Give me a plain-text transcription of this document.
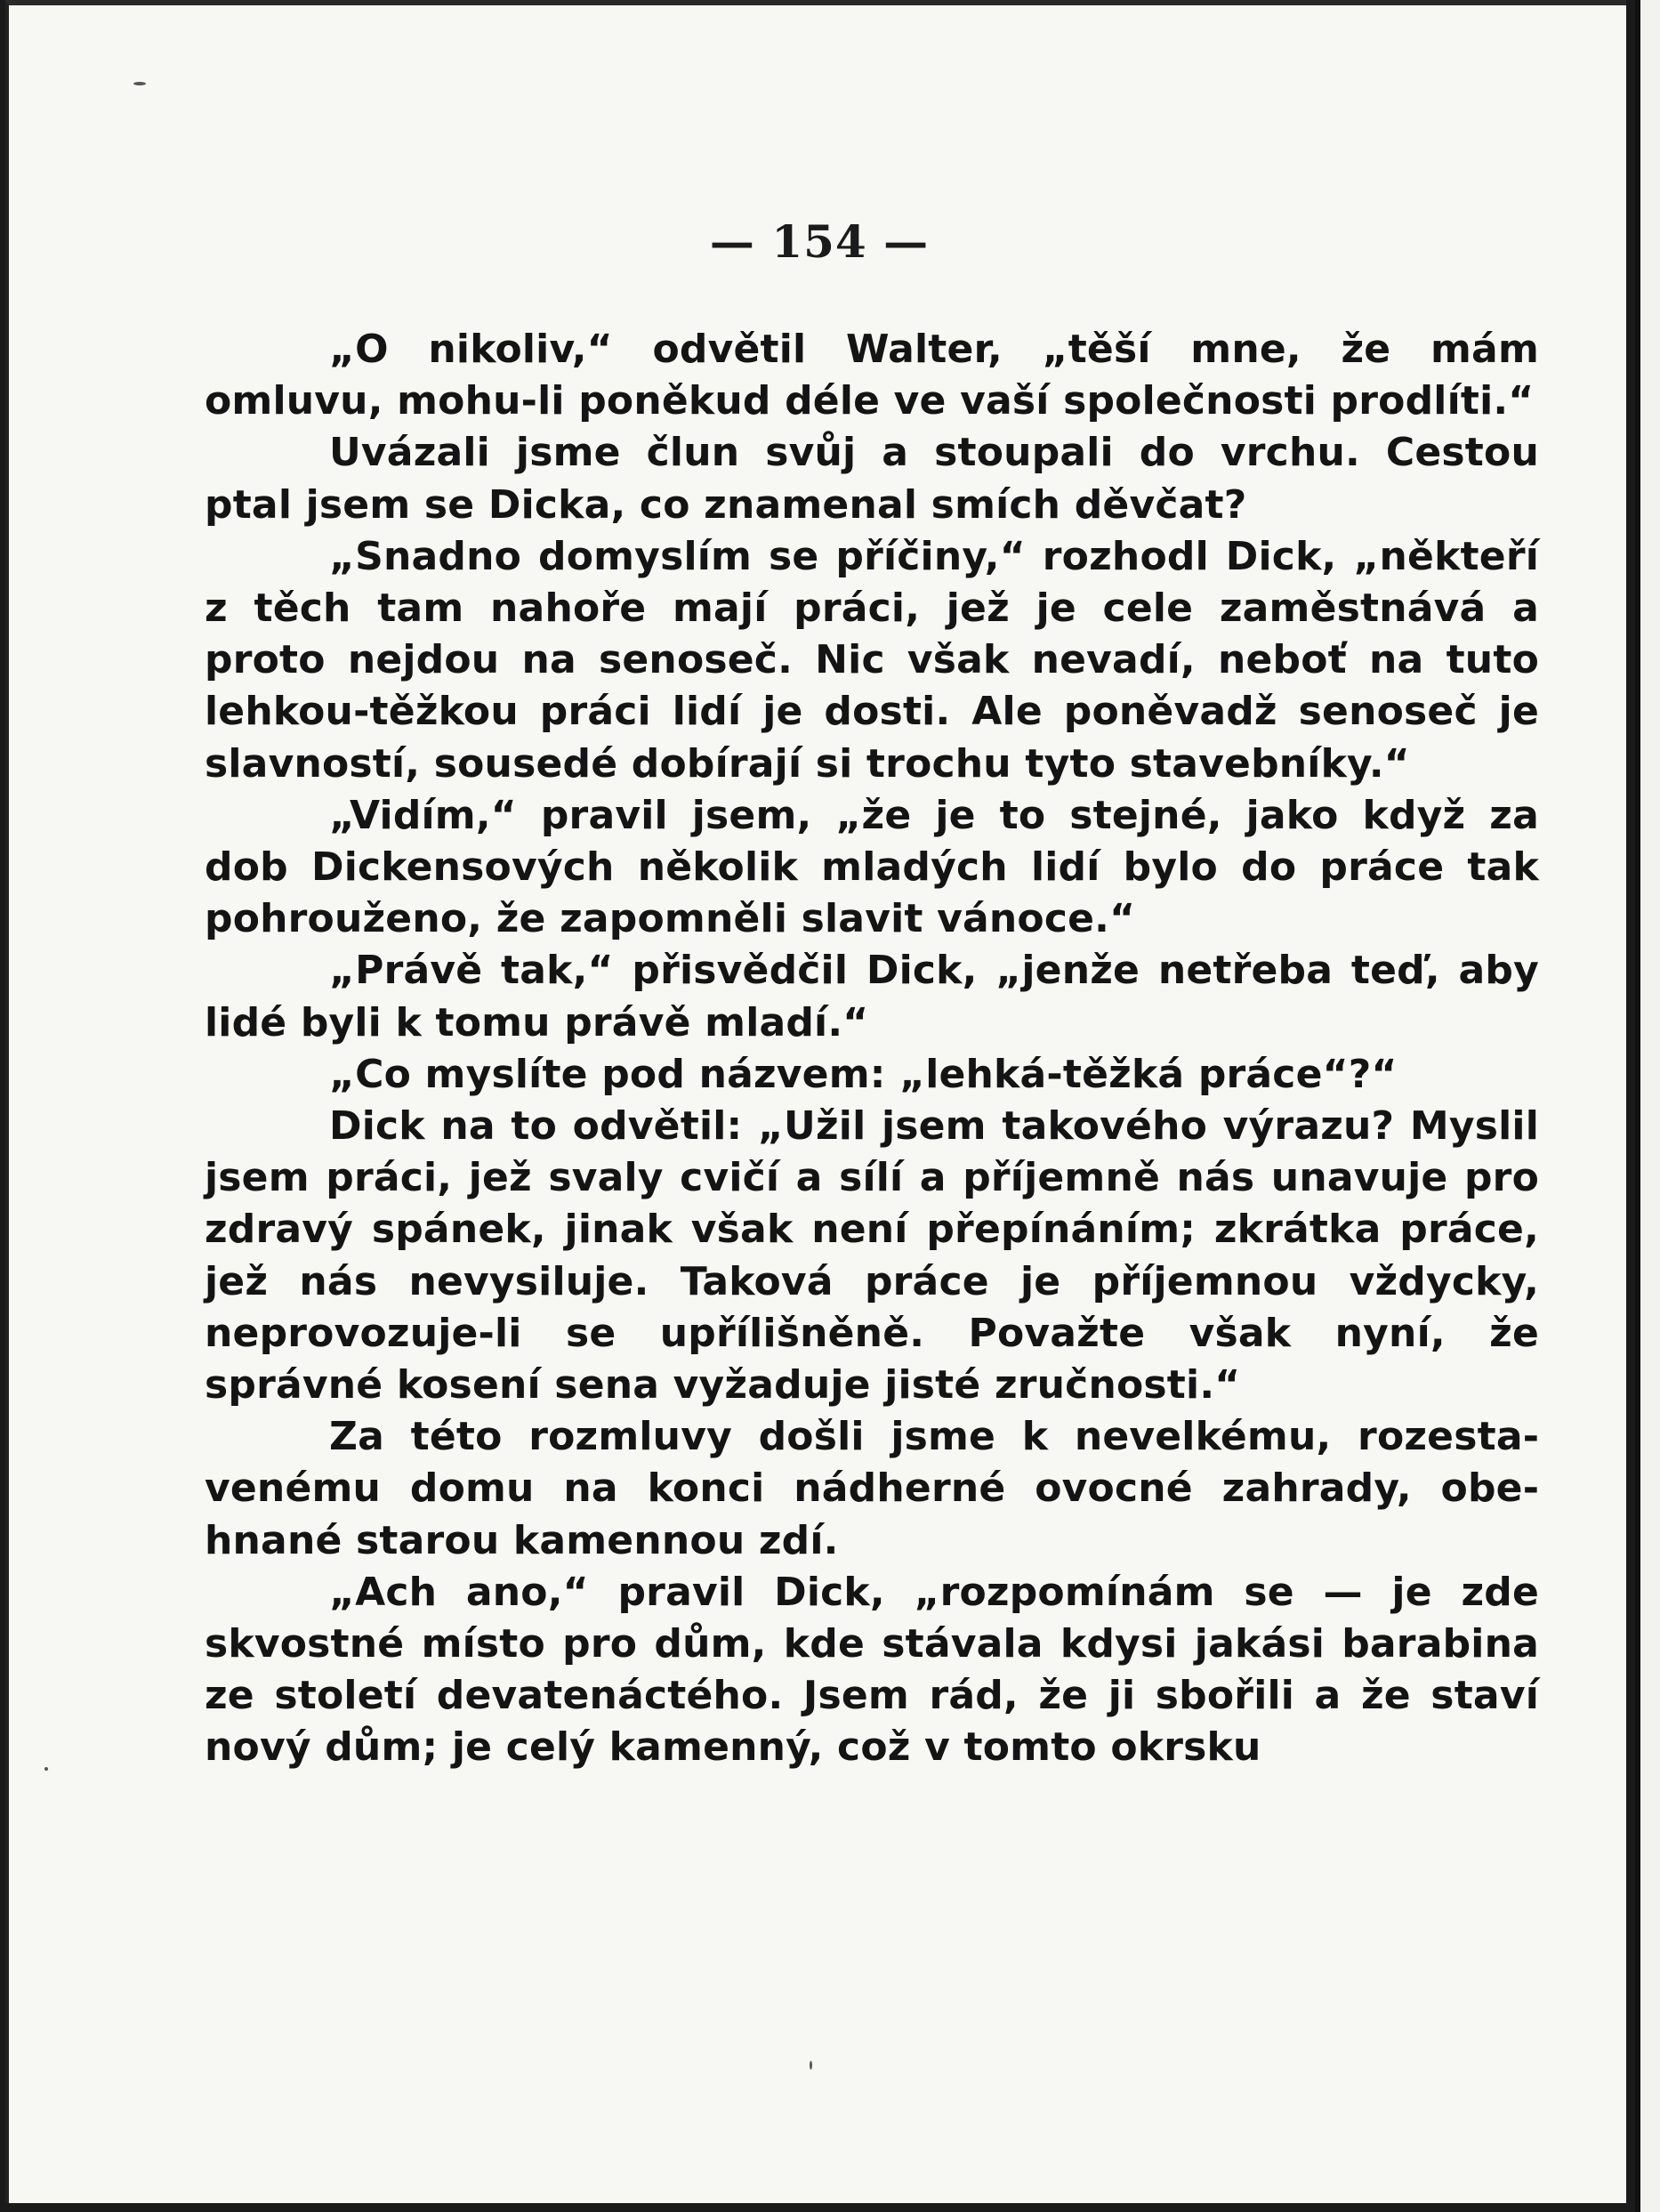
— 154 —

„O nikoliv,“ odvětil Walter, „těší mne, že mám omluvu, mohu-li poněkud déle ve vaší společnosti prodlíti.“

Uvázali jsme člun svůj a stoupali do vrchu. Cestou ptal jsem se Dicka, co znamenal smích děvčat?

„Snadno domyslím se příčiny,“ rozhodl Dick, „někteří z těch tam nahoře mají práci, jež je cele zaměstnává a proto nejdou na senoseč. Nic však nevadí, neboť na tuto lehkou-těžkou práci lidí je dosti. Ale poněvadž senoseč je slavností, sousedé dobírají si trochu tyto stavebníky.“

„Vidím,“ pravil jsem, „že je to stejné, jako když za dob Dickensových několik mladých lidí bylo do práce tak pohrouženo, že zapomněli slavit vánoce.“

„Právě tak,“ přisvědčil Dick, „jenže netřeba teď, aby lidé byli k tomu právě mladí.“

„Co myslíte pod názvem: „lehká-těžká práce“?“

Dick na to odvětil: „Užil jsem takového výrazu? Myslil jsem práci, jež svaly cvičí a sílí a příjemně nás unavuje pro zdravý spánek, jinak však není přepínáním; zkrátka práce, jež nás nevysiluje. Taková práce je příjemnou vždycky, neprovozuje-li se upřílišněně. Považte však nyní, že správné kosení sena vyžaduje jisté zručnosti.“

Za této rozmluvy došli jsme k nevelkému, rozestavenému domu na konci nádherné ovocné zahrady, obehnané starou kamennou zdí.

„Ach ano,“ pravil Dick, „rozpomínám se — je zde skvostné místo pro dům, kde stávala kdysi jakási barabina ze století devatenáctého. Jsem rád, že ji sbořili a že staví nový dům; je celý kamenný, což v tomto okrsku
